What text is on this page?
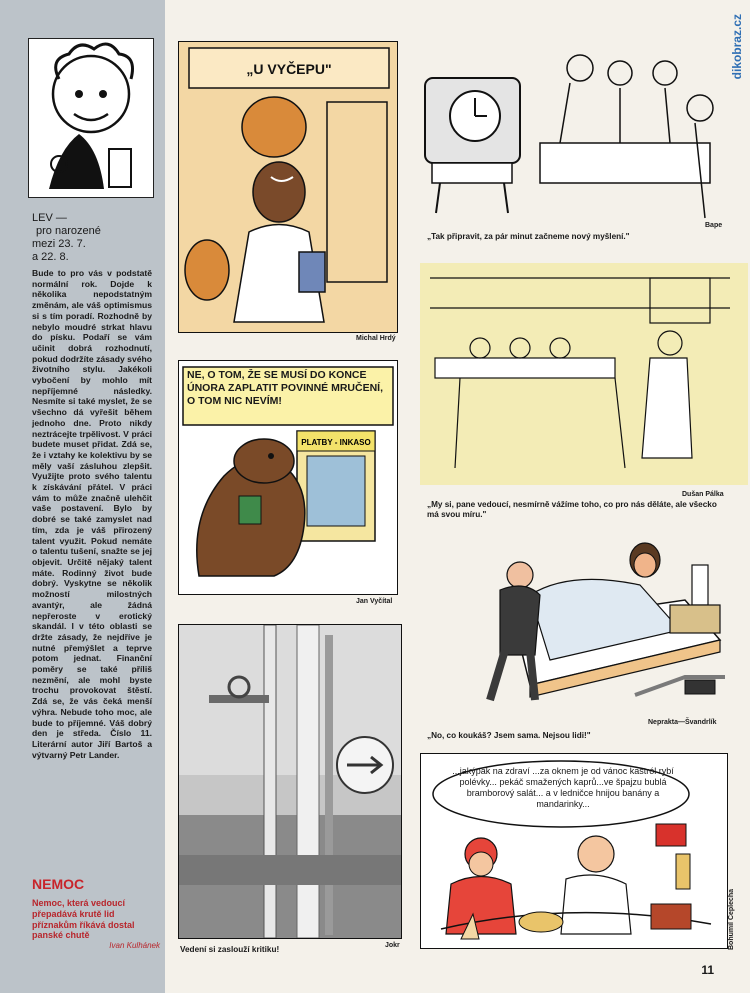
LEV —
pro narozené
mezi 23. 7.
a 22. 8.
Bude to pro vás v podstatě normální rok. Dojde k několika nepodstatným změnám, ale váš optimismus si s tím poradí. Rozhodně by nebylo moudré strkat hlavu do písku. Podaří se vám učinit dobrá rozhodnutí, pokud dodržíte zásady svého životního stylu. Jakékoli vybočení by mohlo mít nepříjemné následky. Nesmíte si také myslet, že se všechno dá vyřešit během jednoho dne. Proto nikdy neztrácejte trpělivost. V práci budete muset přidat. Zdá se, že i vztahy ke kolektivu by se měly vaší zásluhou zlepšit. Využijte proto svého talentu k získávání přátel. V práci vám to může značně ulehčit vaše postavení. Bylo by dobré se také zamyslet nad tím, zda je váš přirozený talent využit. Pokud nemáte o talentu tušení, snažte se jej objevit. Určitě nějaký talent máte. Rodinný život bude dobrý. Vyskytne se několik možností milostných avantýr, ale žádná nepřeroste v erotický skandál. I v této oblasti se držte zásady, že nejdříve je nutné přemýšlet a teprve potom jednat. Finanční poměry se také příliš nezmění, ale mohl byste trochu provokovat štěstí. Zdá se, že vás čeká menší výhra. Nebude toho moc, ale bude to příjemné. Váš dobrý den je středa. Číslo 11. Literární autor Jiří Bartoš a výtvarný Petr Lander.
NEMOC
Nemoc, která vedoucí přepadává krutě lid příznakům říkává dostal panské chutě
Ivan Kulhánek
„U VYČEPU"
Michal Hrdý
NE, O TOM, ŽE SE MUSÍ DO KONCE ÚNORA ZAPLATIT POVINNÉ MRUČENÍ, O TOM NIC NEVÍM!
PLATBY - INKASO
Jan Vyčítal
Vedení si zaslouží kritiku!	Jokr
„Tak připravit, za pár minut začneme nový myšlení."
Bape
Dušan Pálka
„My si, pane vedoucí, nesmírně vážíme toho, co pro nás děláte, ale všecko má svou míru."
Neprakta—Švandrlík
„No, co koukáš? Jsem sama. Nejsou lidi!"
...jakýpak na zdraví ...za oknem je od vánoc kastról rybí polévky... pekáč smažených kaprů...ve špajzu bublá bramborový salát... a v ledničce hnijou banány a mandarinky...
Bohumil Ceplecha
dikobraz.cz
11
